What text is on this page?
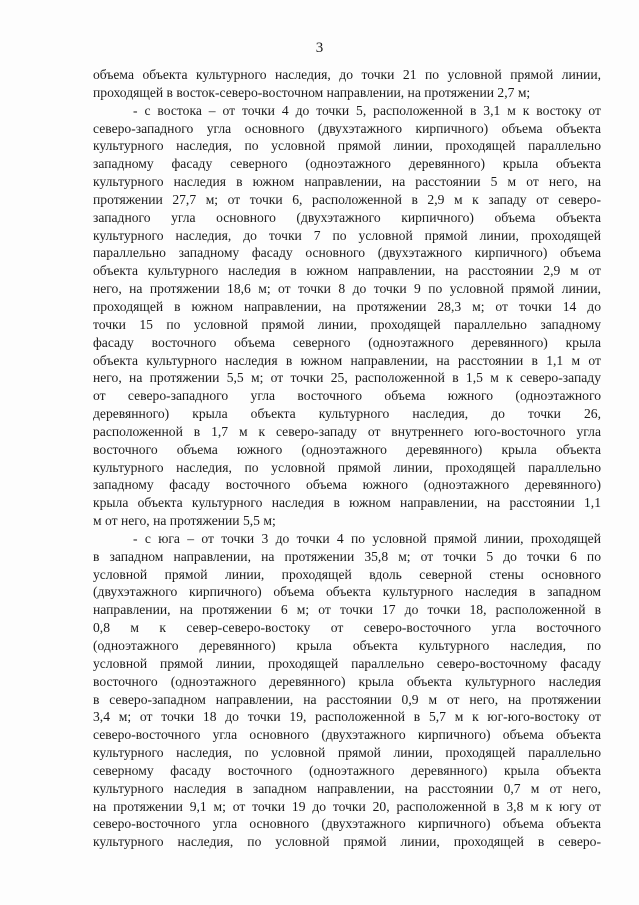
3
объема объекта культурного наследия, до точки 21 по условной прямой линии,
проходящей в восток-северо-восточном направлении, на протяжении 2,7 м;
- с востока – от точки 4 до точки 5, расположенной в 3,1 м к востоку от
северо-западного угла основного (двухэтажного кирпичного) объема объекта
культурного наследия, по условной прямой линии, проходящей параллельно
западному фасаду северного (одноэтажного деревянного) крыла объекта
культурного наследия в южном направлении, на расстоянии 5 м от него, на
протяжении 27,7 м; от точки 6, расположенной в 2,9 м к западу от северо-
западного угла основного (двухэтажного кирпичного) объема объекта
культурного наследия, до точки 7 по условной прямой линии, проходящей
параллельно западному фасаду основного (двухэтажного кирпичного) объема
объекта культурного наследия в южном направлении, на расстоянии 2,9 м от
него, на протяжении 18,6 м; от точки 8 до точки 9 по условной прямой линии,
проходящей в южном направлении, на протяжении 28,3 м; от точки 14 до
точки 15 по условной прямой линии, проходящей параллельно западному
фасаду восточного объема северного (одноэтажного деревянного) крыла
объекта культурного наследия в южном направлении, на расстоянии в 1,1 м от
него, на протяжении 5,5 м; от точки 25, расположенной в 1,5 м к северо-западу
от северо-западного угла восточного объема южного (одноэтажного
деревянного) крыла объекта культурного наследия, до точки 26,
расположенной в 1,7 м к северо-западу от внутреннего юго-восточного угла
восточного объема южного (одноэтажного деревянного) крыла объекта
культурного наследия, по условной прямой линии, проходящей параллельно
западному фасаду восточного объема южного (одноэтажного деревянного)
крыла объекта культурного наследия в южном направлении, на расстоянии 1,1
м от него, на протяжении 5,5 м;
- с юга – от точки 3 до точки 4 по условной прямой линии, проходящей
в западном направлении, на протяжении 35,8 м; от точки 5 до точки 6 по
условной прямой линии, проходящей вдоль северной стены основного
(двухэтажного кирпичного) объема объекта культурного наследия в западном
направлении, на протяжении 6 м; от точки 17 до точки 18, расположенной в
0,8 м к север-северо-востоку от северо-восточного угла восточного
(одноэтажного деревянного) крыла объекта культурного наследия, по
условной прямой линии, проходящей параллельно северо-восточному фасаду
восточного (одноэтажного деревянного) крыла объекта культурного наследия
в северо-западном направлении, на расстоянии 0,9 м от него, на протяжении
3,4 м; от точки 18 до точки 19, расположенной в 5,7 м к юг-юго-востоку от
северо-восточного угла основного (двухэтажного кирпичного) объема объекта
культурного наследия, по условной прямой линии, проходящей параллельно
северному фасаду восточного (одноэтажного деревянного) крыла объекта
культурного наследия в западном направлении, на расстоянии 0,7 м от него,
на протяжении 9,1 м; от точки 19 до точки 20, расположенной в 3,8 м к югу от
северо-восточного угла основного (двухэтажного кирпичного) объема объекта
культурного наследия, по условной прямой линии, проходящей в северо-
